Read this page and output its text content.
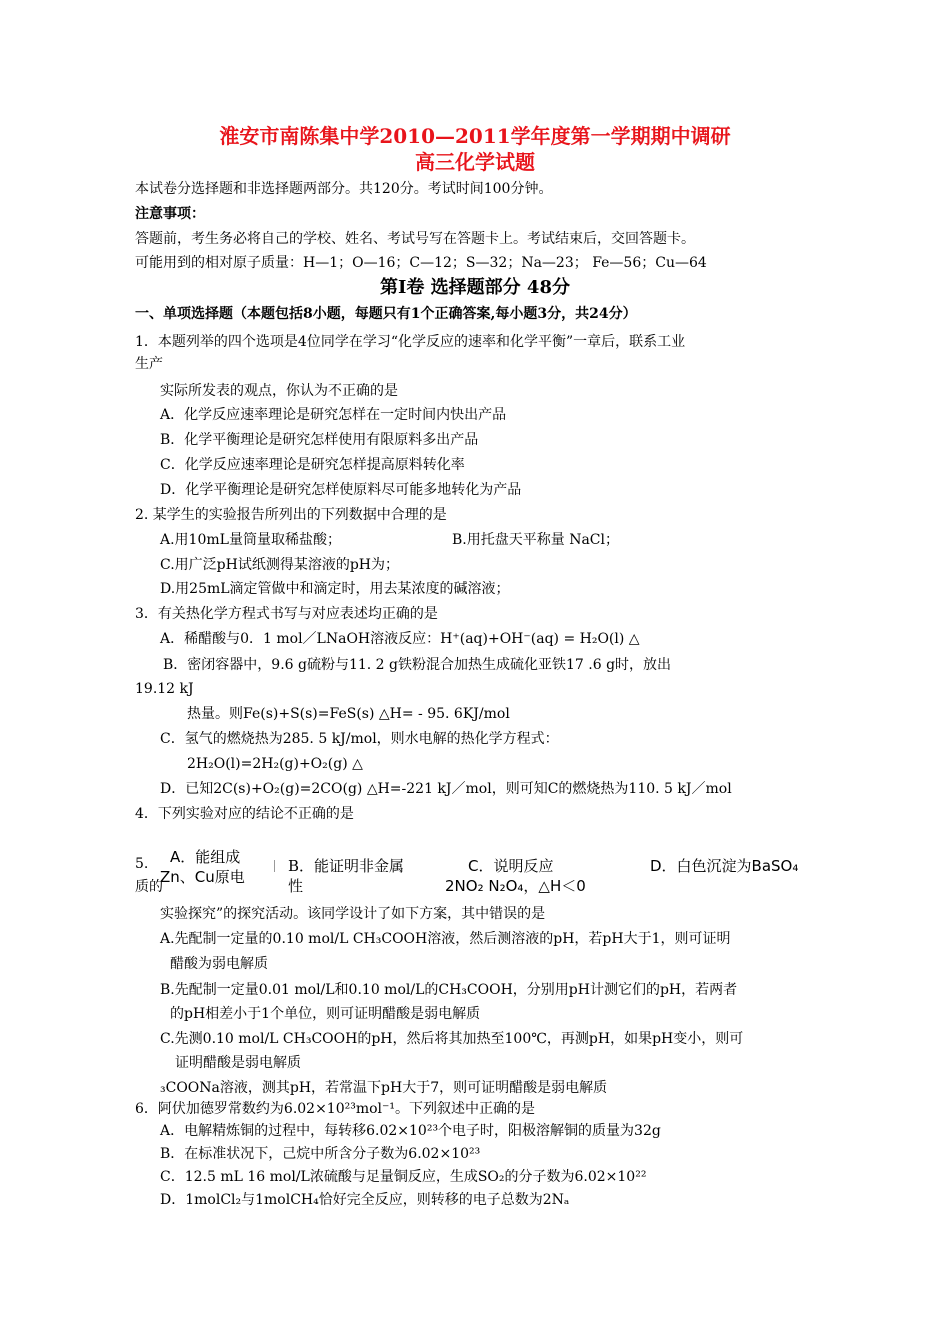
淮安市南陈集中学2010—2011学年度第一学期期中调研
高三化学试题
本试卷分选择题和非选择题两部分。共120分。考试时间100分钟。
注意事项：
答题前，考生务必将自己的学校、姓名、考试号写在答题卡上。考试结束后，交回答题卡。
可能用到的相对原子质量：H—1；O—16；C—12；S—32；Na—23； Fe—56；Cu—64
第Ⅰ卷 选择题部分 48分
一、单项选择题（本题包括8小题，每题只有1个正确答案,每小题3分，共24分）
1．本题列举的四个选项是4位同学在学习“化学反应的速率和化学平衡”一章后，联系工业
生产
实际所发表的观点，你认为不正确的是
A．化学反应速率理论是研究怎样在一定时间内快出产品
B．化学平衡理论是研究怎样使用有限原料多出产品
C．化学反应速率理论是研究怎样提高原料转化率
D．化学平衡理论是研究怎样使原料尽可能多地转化为产品
2. 某学生的实验报告所列出的下列数据中合理的是
A.用10mL量筒量取稀盐酸；	B.用托盘天平称量 NaCl；
C.用广泛pH试纸测得某溶液的pH为；
D.用25mL滴定管做中和滴定时，用去某浓度的碱溶液；
3．有关热化学方程式书写与对应表述均正确的是
A．稀醋酸与0．1 mol／LNaOH溶液反应：H⁺(aq)+OH⁻(aq) = H₂O(l) △
B．密闭容器中，9.6 g硫粉与11. 2 g铁粉混合加热生成硫化亚铁17 .6 g时，放出
19.12 kJ
热量。则Fe(s)+S(s)=FeS(s) △H= - 95. 6KJ/mol
C．氢气的燃烧热为285. 5 kJ/mol，则水电解的热化学方程式：
2H₂O(l)=2H₂(g)+O₂(g) △
D．已知2C(s)+O₂(g)=2CO(g) △H=-221 kJ／mol，则可知C的燃烧热为110. 5 kJ／mol
4．下列实验对应的结论不正确的是
A．能组成
Zn、Cu原电
B．能证明非金属
性
C．说明反应
2NO₂ N₂O₄，△H＜0
D．白色沉淀为BaSO₄
5.
质的
实验探究”的探究活动。该同学设计了如下方案，其中错误的是
A.先配制一定量的0.10 mol/L CH₃COOH溶液，然后测溶液的pH，若pH大于1，则可证明
醋酸为弱电解质
B.先配制一定量0.01 mol/L和0.10 mol/L的CH₃COOH，分别用pH计测它们的pH，若两者
的pH相差小于1个单位，则可证明醋酸是弱电解质
C.先测0.10 mol/L CH₃COOH的pH，然后将其加热至100℃，再测pH，如果pH变小，则可
证明醋酸是弱电解质
₃COONa溶液，测其pH，若常温下pH大于7，则可证明醋酸是弱电解质
6．阿伏加德罗常数约为6.02×10²³mol⁻¹。下列叙述中正确的是
A．电解精炼铜的过程中，每转移6.02×10²³个电子时，阳极溶解铜的质量为32g
B．在标准状况下，己烷中所含分子数为6.02×10²³
C．12.5 mL 16 mol/L浓硫酸与足量铜反应，生成SO₂的分子数为6.02×10²²
D．1molCl₂与1molCH₄恰好完全反应，则转移的电子总数为2Nₐ
